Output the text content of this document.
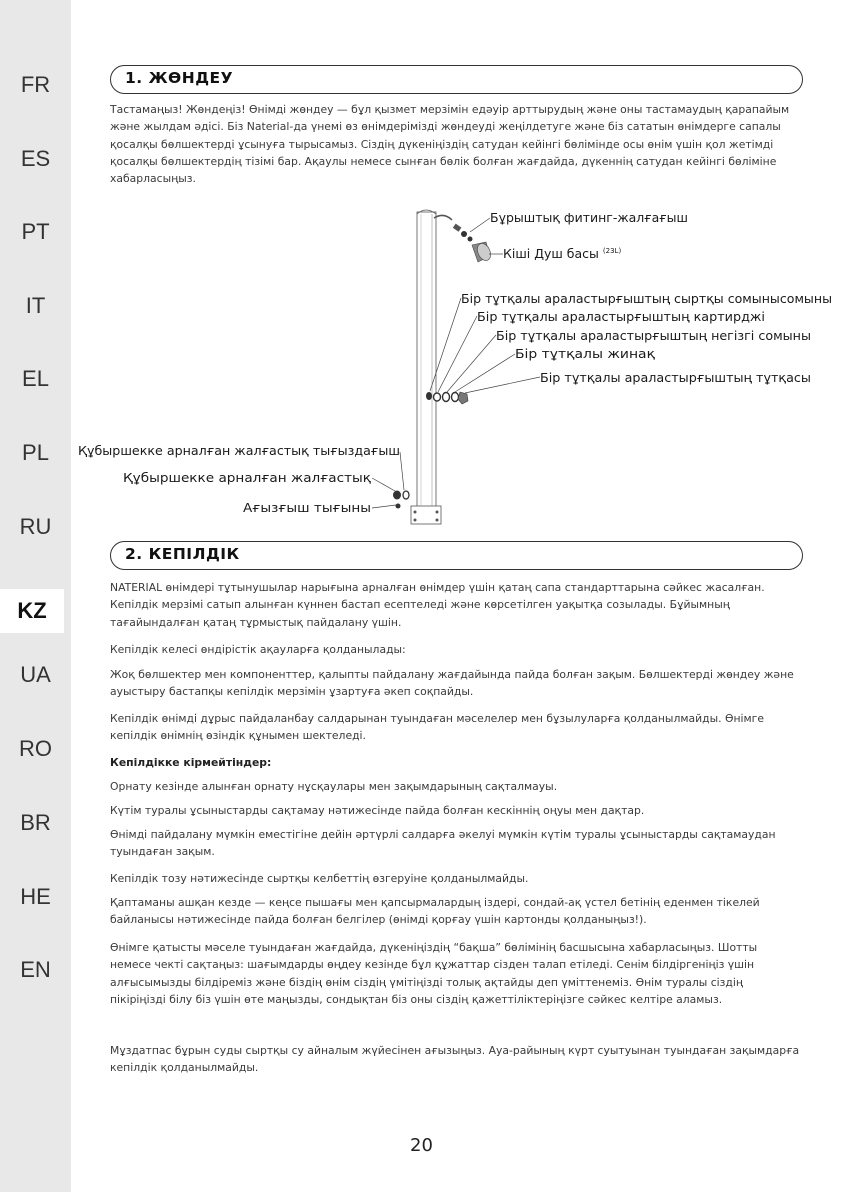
FR
ES
PT
IT
EL
PL
RU
KZ
UA
RO
BR
HE
EN
1. ЖӨНДЕУ

Тастамаңыз! Жөндеңіз! Өнімді жөндеу — бұл қызмет мерзімін едәуір арттырудың және оны тастамаудың қарапайым және жылдам әдісі. Біз Naterial-да үнемі өз өнімдерімізді жөндеуді жеңілдетуге және біз сататын өнімдерге сапалы қосалқы бөлшектерді ұсынуға тырысамыз. Сіздің дүкеніңіздің сатудан кейінгі бөлімінде осы өнім үшін қол жетімді қосалқы бөлшектердің тізімі бар. Ақаулы немесе сынған бөлік болған жағдайда, дүкеннің сатудан кейінгі бөліміне хабарласыңыз.

Бұрыштық фитинг-жалғағыш
Кіші Душ басы $^{(23L)}$
Бір тұтқалы араластырғыштың сыртқы сомынысомыны
Бір тұтқалы араластырғыштың картирджі
Бір тұтқалы араластырғыштың негізгі сомыны
Бір тұтқалы жинақ
Бір тұтқалы араластырғыштың тұтқасы
Құбыршекке арналған жалғастық тығыздағыш
Құбыршекке арналған жалғастық
Ағызғыш тығыны
2. КЕПІЛДІК

NATERIAL өнімдері тұтынушылар нарығына арналған өнімдер үшін қатаң сапа стандарттарына сәйкес жасалған. Кепілдік мерзімі сатып алынған күннен бастап есептеледі және көрсетілген уақытқа созылады. Бұйымның тағайындалған қатаң тұрмыстық пайдалану үшін.

Кепілдік келесі өндірістік ақауларға қолданылады:

Жоқ бөлшектер мен компоненттер, қалыпты пайдалану жағдайында пайда болған зақым. Бөлшектерді жөндеу және ауыстыру бастапқы кепілдік мерзімін ұзартуға әкеп соқпайды.

Кепілдік өнімді дұрыс пайдаланбау салдарынан туындаған мәселелер мен бұзылуларға қолданылмайды. Өнімге кепілдік өнімнің өзіндік құнымен шектеледі.

Кепілдікке кірмейтіндер:

Орнату кезінде алынған орнату нұсқаулары мен зақымдарының сақталмауы.

Күтім туралы ұсыныстарды сақтамау нәтижесінде пайда болған кескіннің оңуы мен дақтар.

Өнімді пайдалану мүмкін еместігіне дейін әртүрлі салдарға әкелуі мүмкін күтім туралы ұсыныстарды сақтамаудан туындаған зақым.

Кепілдік тозу нәтижесінде сыртқы келбеттің өзгеруіне қолданылмайды.

Қаптаманы ашқан кезде — кеңсе пышағы мен қапсырмалардың іздері, сондай-ақ үстел бетінің еденмен тікелей байланысы нәтижесінде пайда болған белгілер (өнімді қорғау үшін картонды қолданыңыз!).

Өнімге қатысты мәселе туындаған жағдайда, дүкеніңіздің “бақша” бөлімінің басшысына хабарласыңыз. Шотты немесе чекті сақтаңыз: шағымдарды өңдеу кезінде бұл құжаттар сізден талап етіледі. Сенім білдіргеніңіз үшін алғысымызды білдіреміз және біздің өнім сіздің үмітіңізді толық ақтайды деп үміттенеміз. Өнім туралы сіздің пікіріңізді білу біз үшін өте маңызды, сондықтан біз оны сіздің қажеттіліктеріңізге сәйкес келтіре аламыз.

Мұздатпас бұрын суды сыртқы су айналым жүйесінен ағызыңыз. Ауа-райының күрт суытуынан туындаған зақымдарға кепілдік қолданылмайды.

20
